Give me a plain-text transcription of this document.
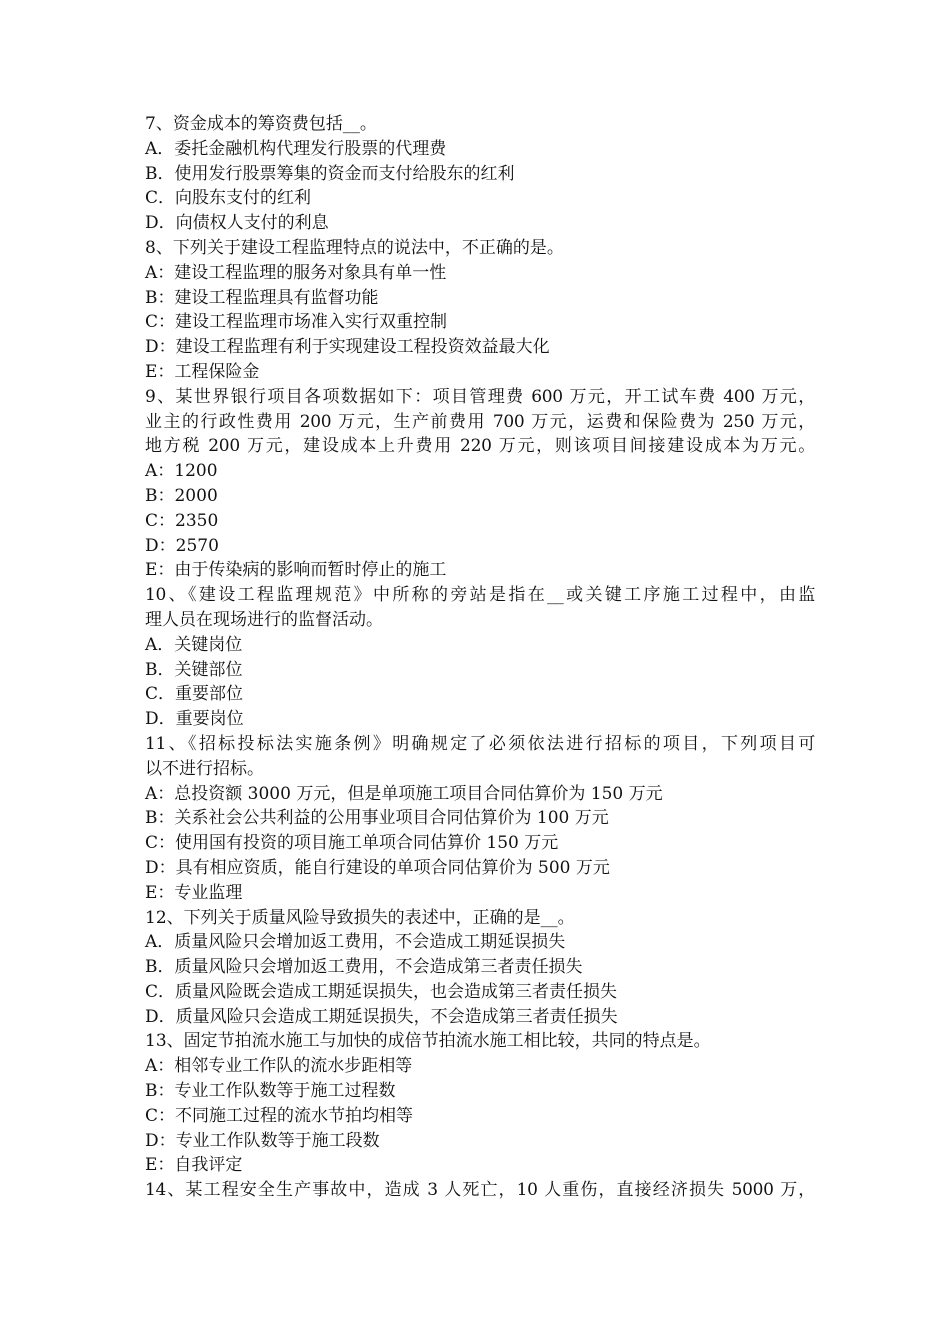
7、资金成本的筹资费包括__。
A．委托金融机构代理发行股票的代理费
B．使用发行股票筹集的资金而支付给股东的红利
C．向股东支付的红利
D．向债权人支付的利息
8、下列关于建设工程监理特点的说法中，不正确的是。
A：建设工程监理的服务对象具有单一性
B：建设工程监理具有监督功能
C：建设工程监理市场准入实行双重控制
D：建设工程监理有利于实现建设工程投资效益最大化
E：工程保险金
9、某世界银行项目各项数据如下：项目管理费 600 万元，开工试车费 400 万元，
业主的行政性费用 200 万元，生产前费用 700 万元，运费和保险费为 250 万元，
地方税 200 万元，建设成本上升费用 220 万元，则该项目间接建设成本为万元。
A：1200
B：2000
C：2350
D：2570
E：由于传染病的影响而暂时停止的施工
10、《建设工程监理规范》中所称的旁站是指在__或关键工序施工过程中，由监
理人员在现场进行的监督活动。
A．关键岗位
B．关键部位
C．重要部位
D．重要岗位
11、《招标投标法实施条例》明确规定了必须依法进行招标的项目，下列项目可
以不进行招标。
A：总投资额 3000 万元，但是单项施工项目合同估算价为 150 万元
B：关系社会公共利益的公用事业项目合同估算价为 100 万元
C：使用国有投资的项目施工单项合同估算价 150 万元
D：具有相应资质，能自行建设的单项合同估算价为 500 万元
E：专业监理
12、下列关于质量风险导致损失的表述中，正确的是__。
A．质量风险只会增加返工费用，不会造成工期延误损失
B．质量风险只会增加返工费用，不会造成第三者责任损失
C．质量风险既会造成工期延误损失，也会造成第三者责任损失
D．质量风险只会造成工期延误损失，不会造成第三者责任损失
13、固定节拍流水施工与加快的成倍节拍流水施工相比较，共同的特点是。
A：相邻专业工作队的流水步距相等
B：专业工作队数等于施工过程数
C：不同施工过程的流水节拍均相等
D：专业工作队数等于施工段数
E：自我评定
14、某工程安全生产事故中，造成 3 人死亡，10 人重伤，直接经济损失 5000 万，
